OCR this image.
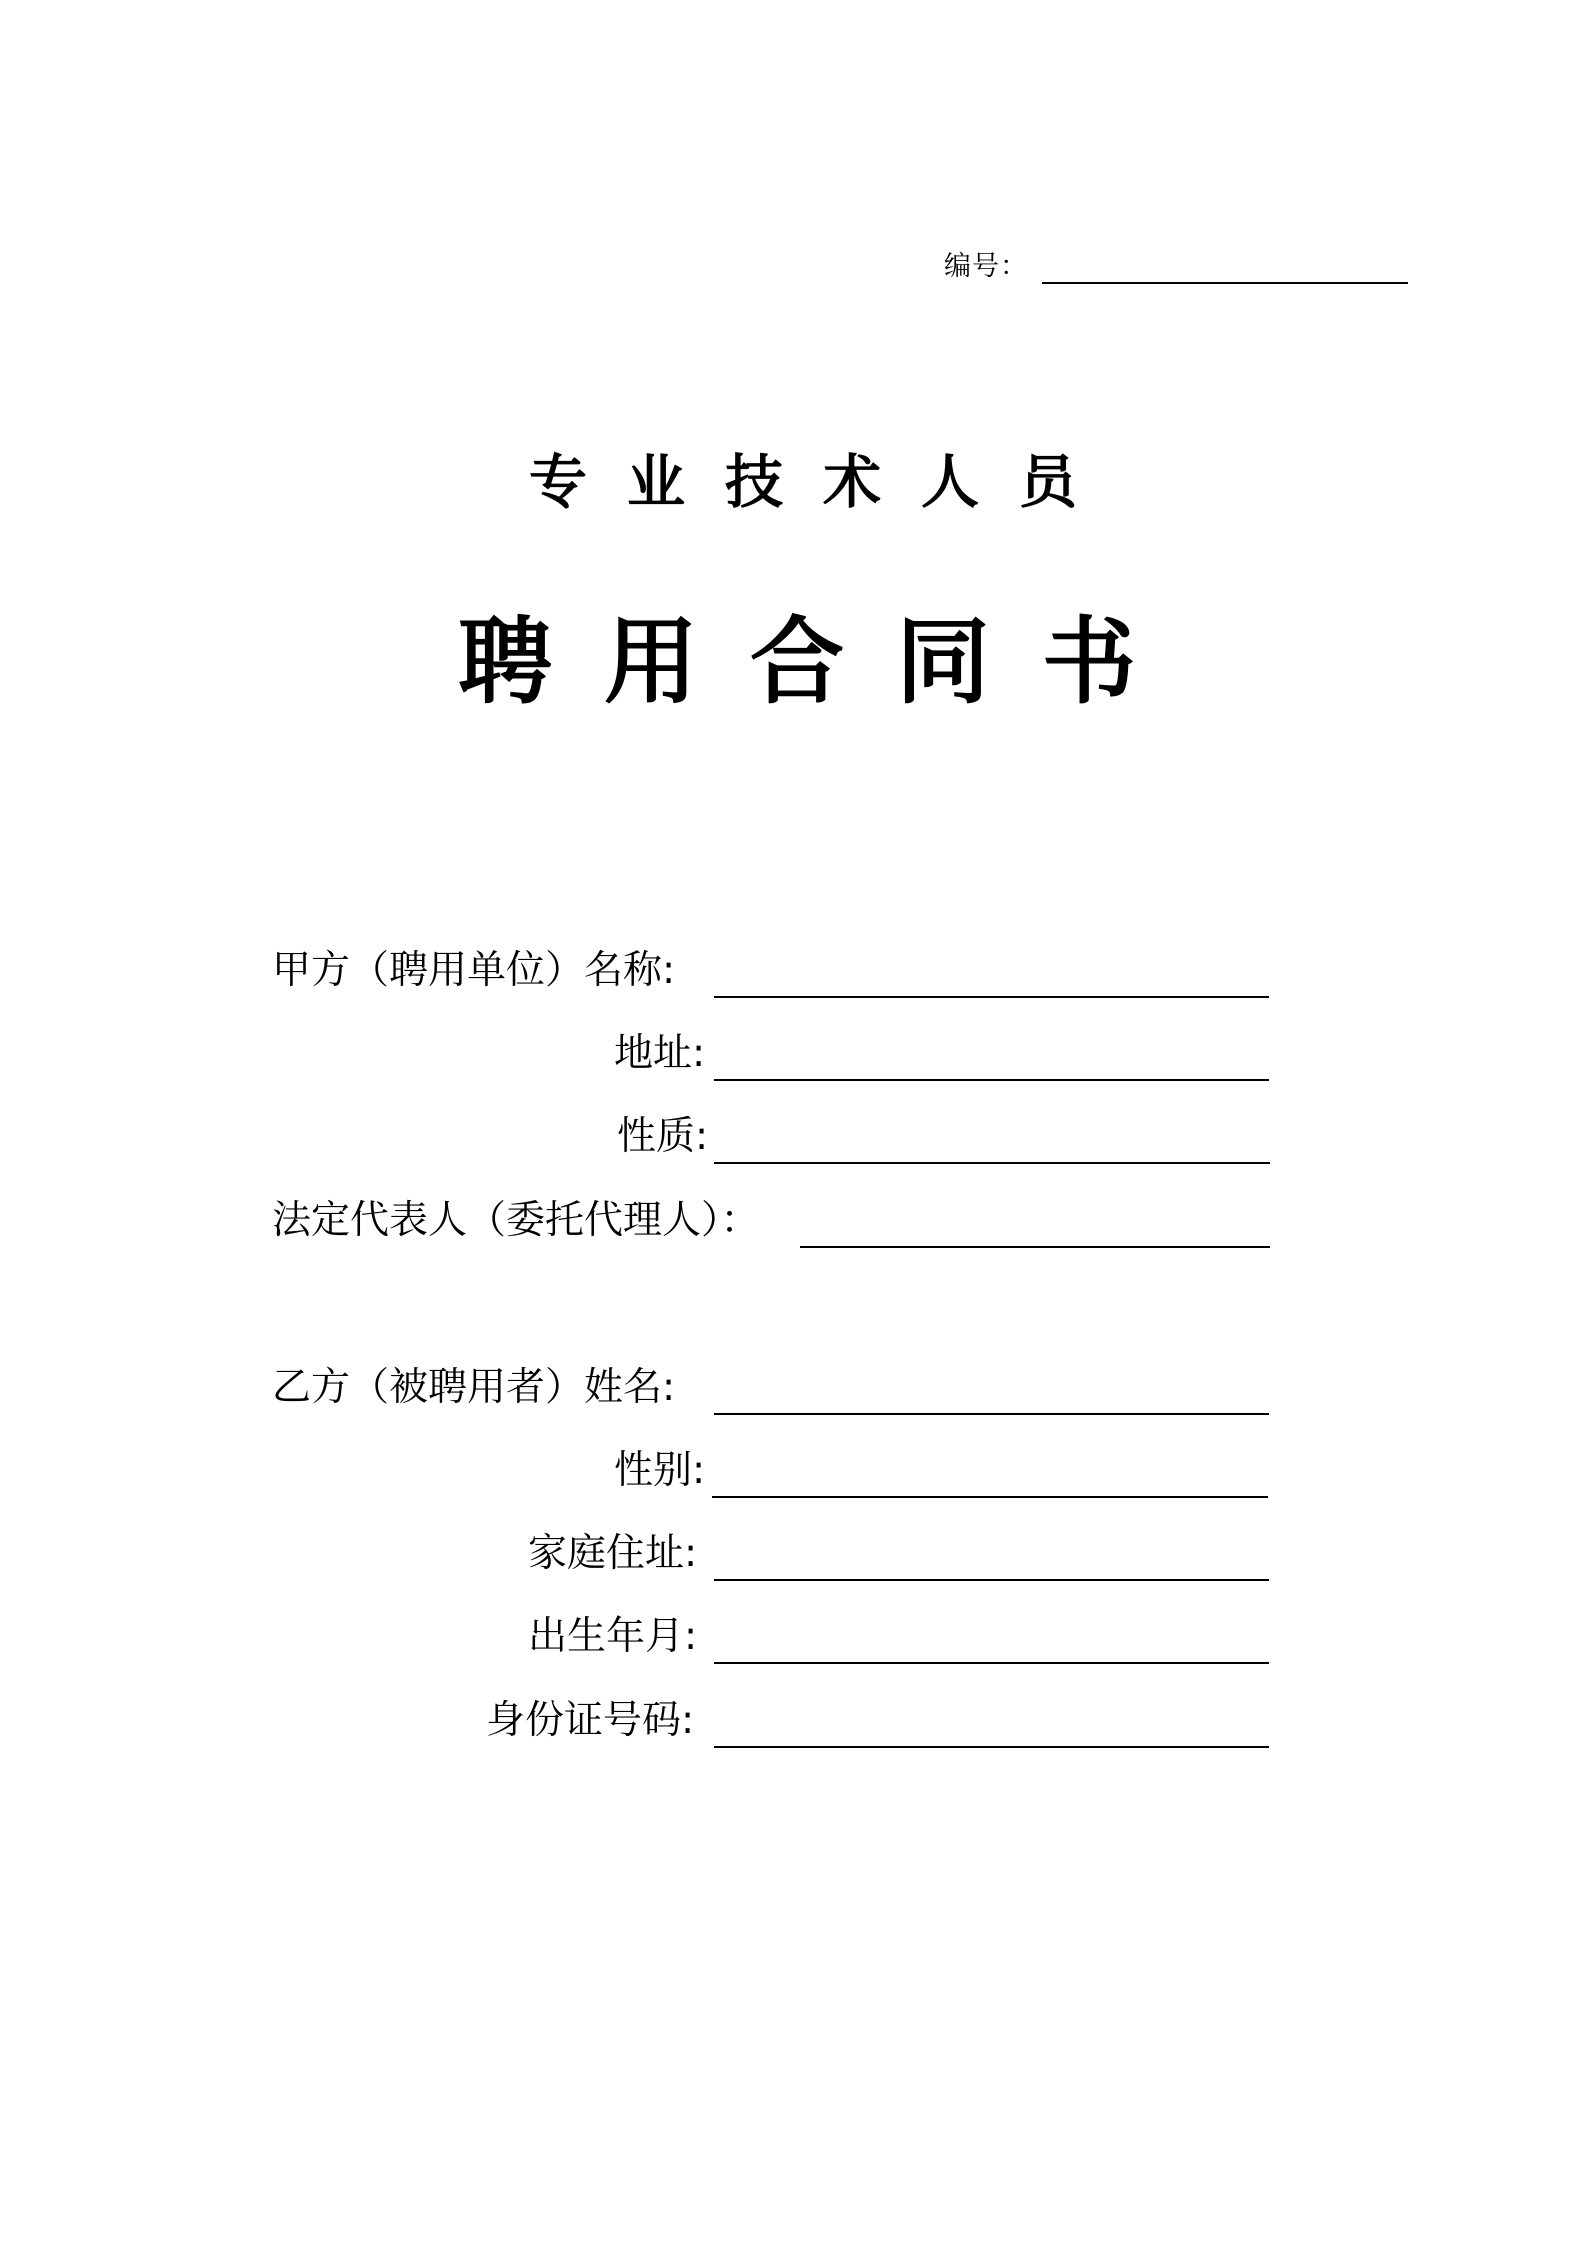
编号：
专业技术人员
聘用合同书
甲方（聘用单位）名称:
地址:
性质:
法定代表人（委托代理人）：
乙方（被聘用者）姓名:
性别:
家庭住址:
出生年月:
身份证号码:
